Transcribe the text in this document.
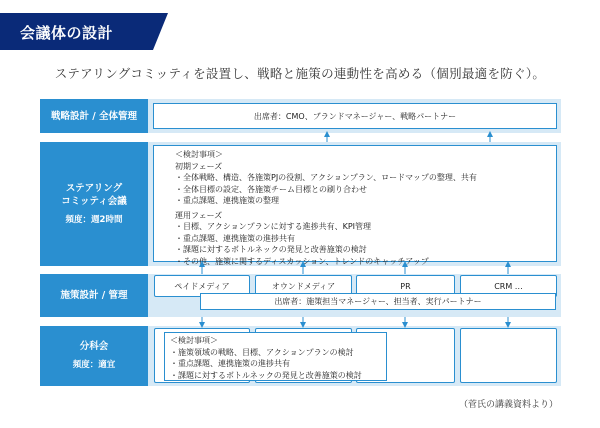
会議体の設計
ステアリングコミッティを設置し、戦略と施策の連動性を高める（個別最適を防ぐ）。
戦略設計 / 全体管理	出席者：CMO、ブランドマネージャー、戦略パートナー
ステアリング
コミッティ会議
頻度：週2時間
＜検討事項＞
初期フェーズ
・全体戦略、構造、各施策PJの役割、アクションプラン、ロードマップの整理、共有
・全体目標の設定、各施策チーム目標との刷り合わせ
・重点課題、連携施策の整理
運用フェーズ
・目標、アクションプランに対する進捗共有、KPI管理
・重点課題、連携施策の進捗共有
・課題に対するボトルネックの発見と改善施策の検討
・その他、施策に関するディスカッション、トレンドのキャッチアップ
施策設計 / 管理
ペイドメディア	オウンドメディア	PR	CRM …
出席者：施策担当マネージャー、担当者、実行パートナー
分科会
頻度：適宜
＜検討事項＞
・施策領域の戦略、目標、アクションプランの検討
・重点課題、連携施策の進捗共有
・課題に対するボトルネックの発見と改善施策の検討
（菅氏の講義資料より）
